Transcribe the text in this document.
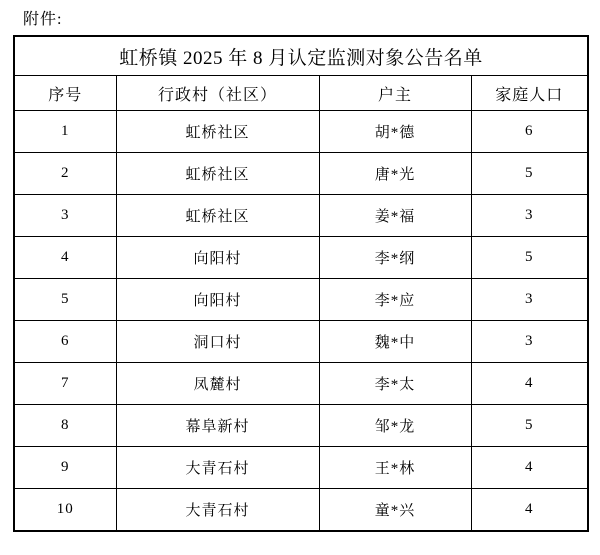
附件:
虹桥镇 2025 年 8 月认定监测对象公告名单			
序号	行政村（社区）	户主	家庭人口
1	虹桥社区	胡*德	6
2	虹桥社区	唐*光	5
3	虹桥社区	姜*福	3
4	向阳村	李*纲	5
5	向阳村	李*应	3
6	洞口村	魏*中	3
7	凤麓村	李*太	4
8	幕阜新村	邹*龙	5
9	大青石村	王*林	4
10	大青石村	童*兴	4
